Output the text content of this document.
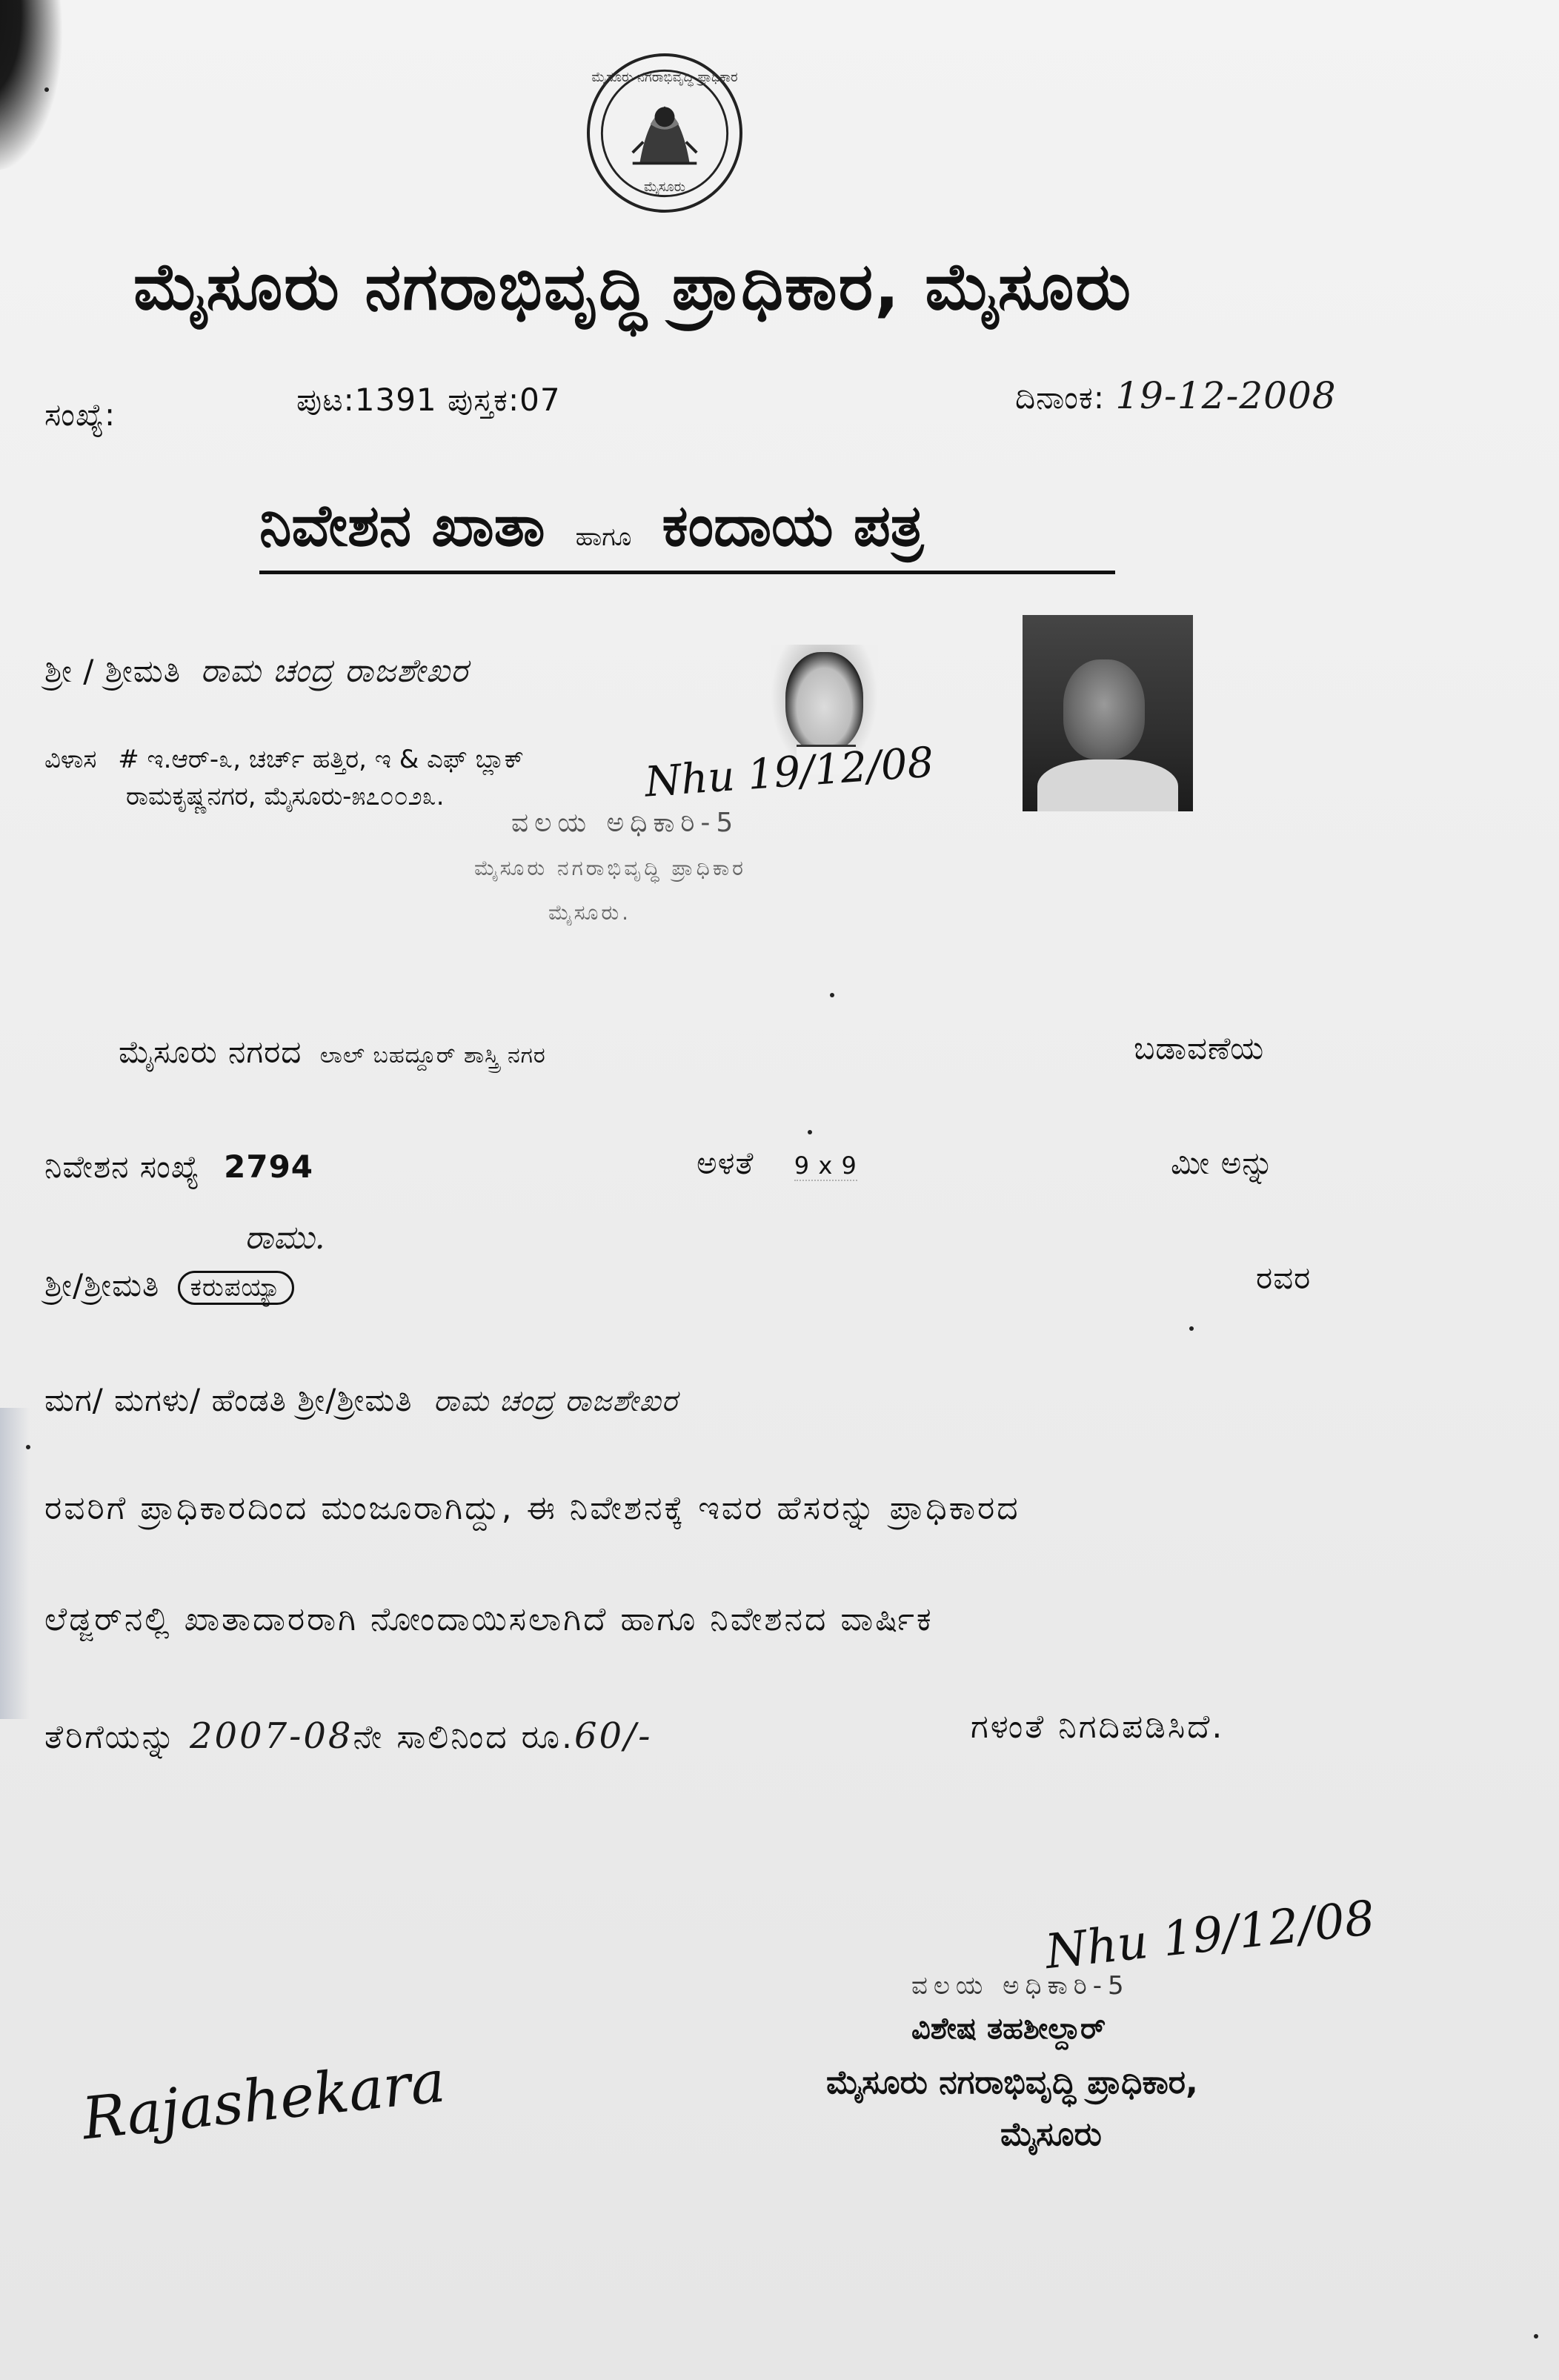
ಮೈಸೂರು ನಗರಾಭಿವೃದ್ಧಿ ಪ್ರಾಧಿಕಾರ
ಮೈಸೂರು
ಮೈಸೂರು ನಗರಾಭಿವೃದ್ಧಿ ಪ್ರಾಧಿಕಾರ, ಮೈಸೂರು
ಸಂಖ್ಯೆ:	ಪುಟ:1391 ಪುಸ್ತಕ:07	ದಿನಾಂಕ: 19-12-2008
ನಿವೇಶನ ಖಾತಾ ಹಾಗೂ ಕಂದಾಯ ಪತ್ರ
ಶ್ರೀ / ಶ್ರೀಮತಿ ರಾಮ ಚಂದ್ರ ರಾಜಶೇಖರ
ವಿಳಾಸ # ಇ.ಆರ್-೩, ಚರ್ಚ್ ಹತ್ತಿರ, ಇ & ಎಫ್ ಬ್ಲಾಕ್
ರಾಮಕೃಷ್ಣನಗರ, ಮೈಸೂರು-೫೭೦೦೨೩.	Nhu 19/12/08
ವಲಯ ಅಧಿಕಾರಿ-5
ಮೈಸೂರು ನಗರಾಭಿವೃದ್ಧಿ ಪ್ರಾಧಿಕಾರ
ಮೈಸೂರು.
ಮೈಸೂರು ನಗರದ ಲಾಲ್ ಬಹದ್ದೂರ್ ಶಾಸ್ತ್ರಿ ನಗರ	ಬಡಾವಣೆಯ
ನಿವೇಶನ ಸಂಖ್ಯೆ 2794	ಅಳತೆ 9 x 9	ಮೀ ಅನ್ನು
ರಾಮು.
ಶ್ರೀ/ಶ್ರೀಮತಿ ಕರುಪಯ್ಯಾ	ರವರ
ಮಗ/ ಮಗಳು/ ಹೆಂಡತಿ ಶ್ರೀ/ಶ್ರೀಮತಿ ರಾಮ ಚಂದ್ರ ರಾಜಶೇಖರ
ರವರಿಗೆ ಪ್ರಾಧಿಕಾರದಿಂದ ಮಂಜೂರಾಗಿದ್ದು, ಈ ನಿವೇಶನಕ್ಕೆ ಇವರ ಹೆಸರನ್ನು ಪ್ರಾಧಿಕಾರದ
ಲೆಡ್ಜರ್‌ನಲ್ಲಿ ಖಾತಾದಾರರಾಗಿ ನೋಂದಾಯಿಸಲಾಗಿದೆ ಹಾಗೂ ನಿವೇಶನದ ವಾರ್ಷಿಕ
ತೆರಿಗೆಯನ್ನು 2007-08ನೇ ಸಾಲಿನಿಂದ ರೂ.60/-	ಗಳಂತೆ ನಿಗದಿಪಡಿಸಿದೆ.
Rajashekara
Nhu 19/12/08
ವಲಯ ಅಧಿಕಾರಿ-5
ವಿಶೇಷ ತಹಶೀಲ್ದಾರ್
ಮೈಸೂರು ನಗರಾಭಿವೃದ್ಧಿ ಪ್ರಾಧಿಕಾರ,
ಮೈಸೂರು
